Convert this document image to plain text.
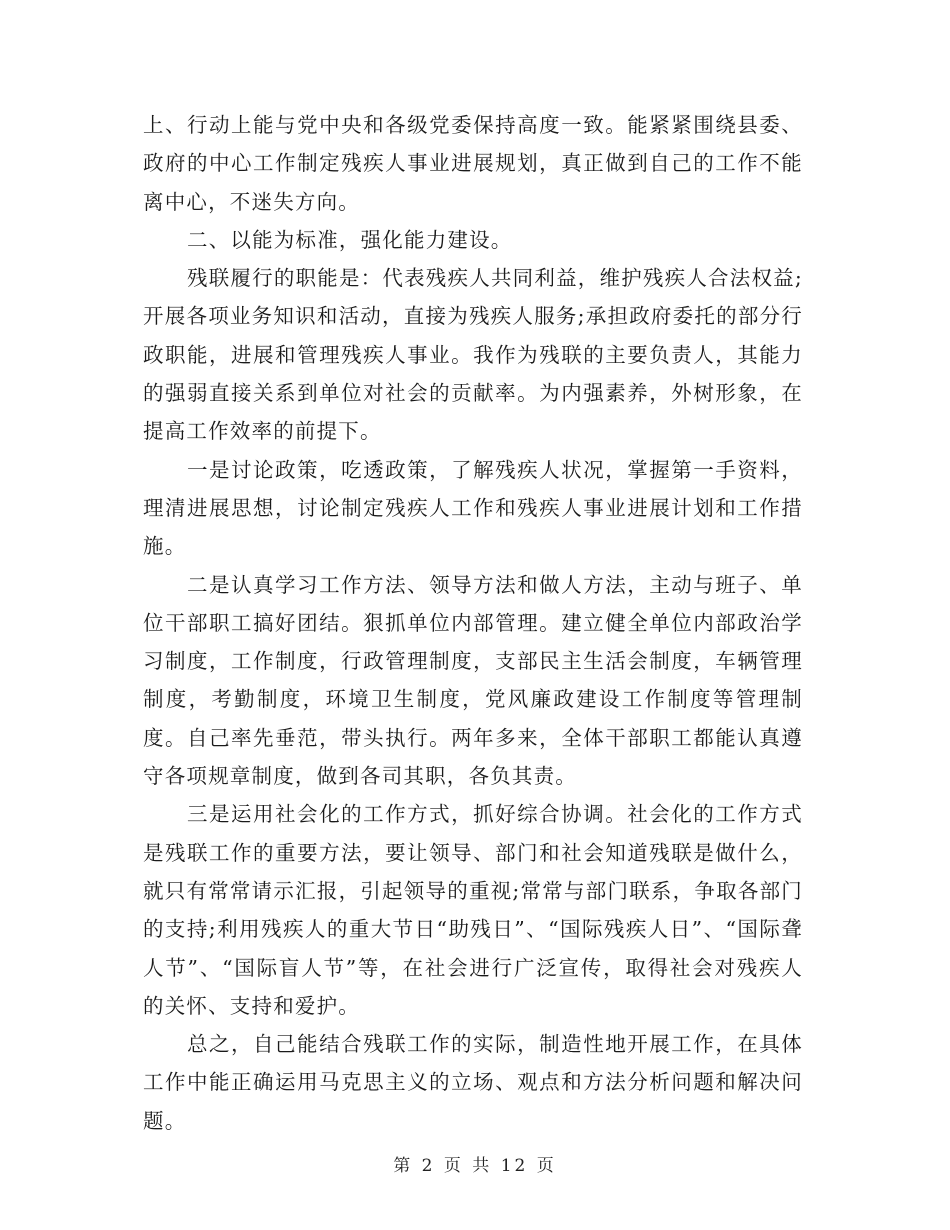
上、行动上能与党中央和各级党委保持高度一致。能紧紧围绕县委、政府的中心工作制定残疾人事业进展规划，真正做到自己的工作不能离中心，不迷失方向。

二、以能为标准，强化能力建设。

残联履行的职能是：代表残疾人共同利益，维护残疾人合法权益;开展各项业务知识和活动，直接为残疾人服务;承担政府委托的部分行政职能，进展和管理残疾人事业。我作为残联的主要负责人，其能力的强弱直接关系到单位对社会的贡献率。为内强素养，外树形象，在提高工作效率的前提下。

一是讨论政策，吃透政策，了解残疾人状况，掌握第一手资料，理清进展思想，讨论制定残疾人工作和残疾人事业进展计划和工作措施。

二是认真学习工作方法、领导方法和做人方法，主动与班子、单位干部职工搞好团结。狠抓单位内部管理。建立健全单位内部政治学习制度，工作制度，行政管理制度，支部民主生活会制度，车辆管理制度，考勤制度，环境卫生制度，党风廉政建设工作制度等管理制度。自己率先垂范，带头执行。两年多来，全体干部职工都能认真遵守各项规章制度，做到各司其职，各负其责。

三是运用社会化的工作方式，抓好综合协调。社会化的工作方式是残联工作的重要方法，要让领导、部门和社会知道残联是做什么，就只有常常请示汇报，引起领导的重视;常常与部门联系，争取各部门的支持;利用残疾人的重大节日“助残日”、“国际残疾人日”、“国际聋人节”、“国际盲人节”等，在社会进行广泛宣传，取得社会对残疾人的关怀、支持和爱护。

总之，自己能结合残联工作的实际，制造性地开展工作，在具体工作中能正确运用马克思主义的立场、观点和方法分析问题和解决问题。

第 2 页 共 12 页
